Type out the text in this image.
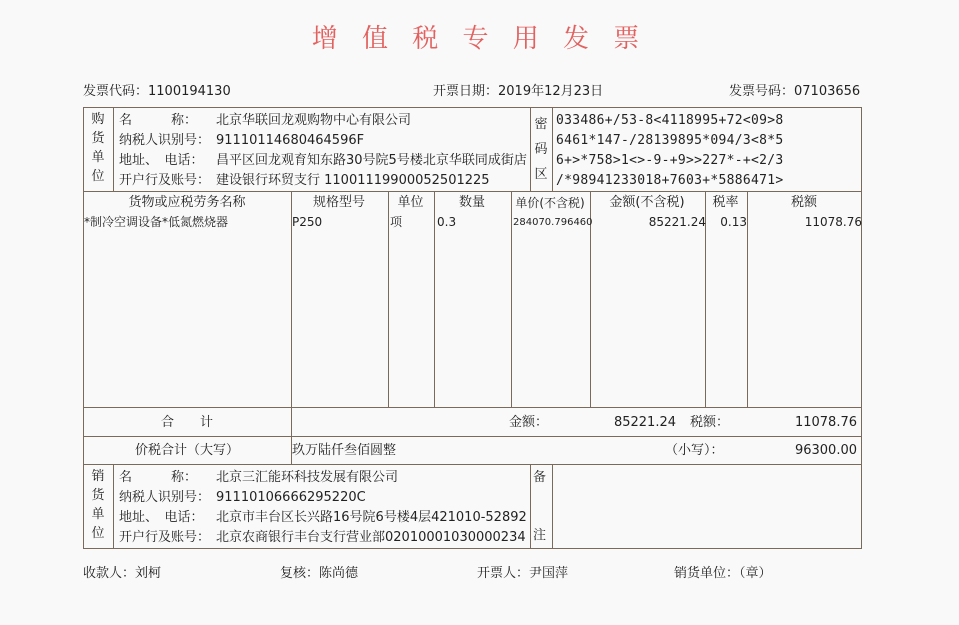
增 值 税 专 用 发 票
发票代码：1100194130	开票日期：2019年12月23日	发票号码：07103656
购
货
单
位
名　　　称： 北京华联回龙观购物中心有限公司
纳税人识别号： 91110114680464596F
地址、　电话： 昌平区回龙观育知东路30号院5号楼北京华联同成街店
开户行及账号： 建设银行环贸支行 11001119900052501225
密
码
区
033486+/53-8<4118995+72<09>8
6461*147-/28139895*094/3<8*5
6+>*758>1<>-9-+9>>227*-+<2/3
/*98941233018+7603+*5886471>
货物或应税劳务名称	规格型号	单位	数量	单价(不含税)	金额(不含税)	税率	税额
*制冷空调设备*低氮燃烧器	P250	项	0.3	284070.796460	85221.24	0.13	11078.76
合　　计	金额：	85221.24 税额：	11078.76
价税合计（大写）	玖万陆仟叁佰圆整	（小写）：	96300.00
销
货
单
位
名　　　称： 北京三汇能环科技发展有限公司
纳税人识别号： 91110106666295220C
地址、　电话： 北京市丰台区长兴路16号院6号楼4层421010-52892
开户行及账号： 北京农商银行丰台支行营业部02010001030000234
备
注
收款人：刘柯	复核：陈尚德	开票人：尹国萍	销货单位：（章）
